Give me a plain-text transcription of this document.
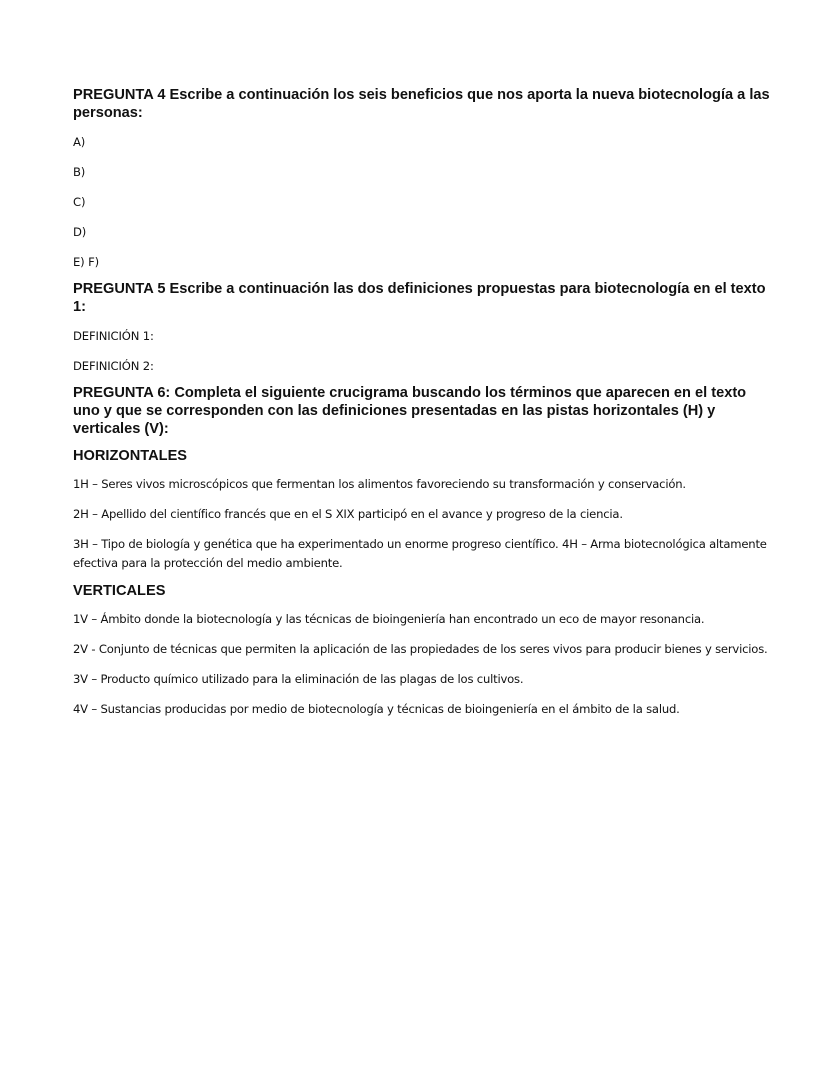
PREGUNTA 4 Escribe a continuación los seis beneficios que nos aporta la nueva biotecnología a las personas:

A)

B)

C)

D)

E) F)

PREGUNTA 5 Escribe a continuación las dos definiciones propuestas para biotecnología en el texto 1:

DEFINICIÓN 1:

DEFINICIÓN 2:

PREGUNTA 6: Completa el siguiente crucigrama buscando los términos que aparecen en el texto uno y que se corresponden con las definiciones presentadas en las pistas horizontales (H) y verticales (V):

HORIZONTALES

1H – Seres vivos microscópicos que fermentan los alimentos favoreciendo su transformación y conservación.

2H – Apellido del científico francés que en el S XIX participó en el avance y progreso de la ciencia.

3H – Tipo de biología y genética que ha experimentado un enorme progreso científico. 4H – Arma biotecnológica altamente efectiva para la protección del medio ambiente.

VERTICALES

1V – Ámbito donde la biotecnología y las técnicas de bioingeniería han encontrado un eco de mayor resonancia.

2V - Conjunto de técnicas que permiten la aplicación de las propiedades de los seres vivos para producir bienes y servicios.

3V – Producto químico utilizado para la eliminación de las plagas de los cultivos.

4V – Sustancias producidas por medio de biotecnología y técnicas de bioingeniería en el ámbito de la salud.
